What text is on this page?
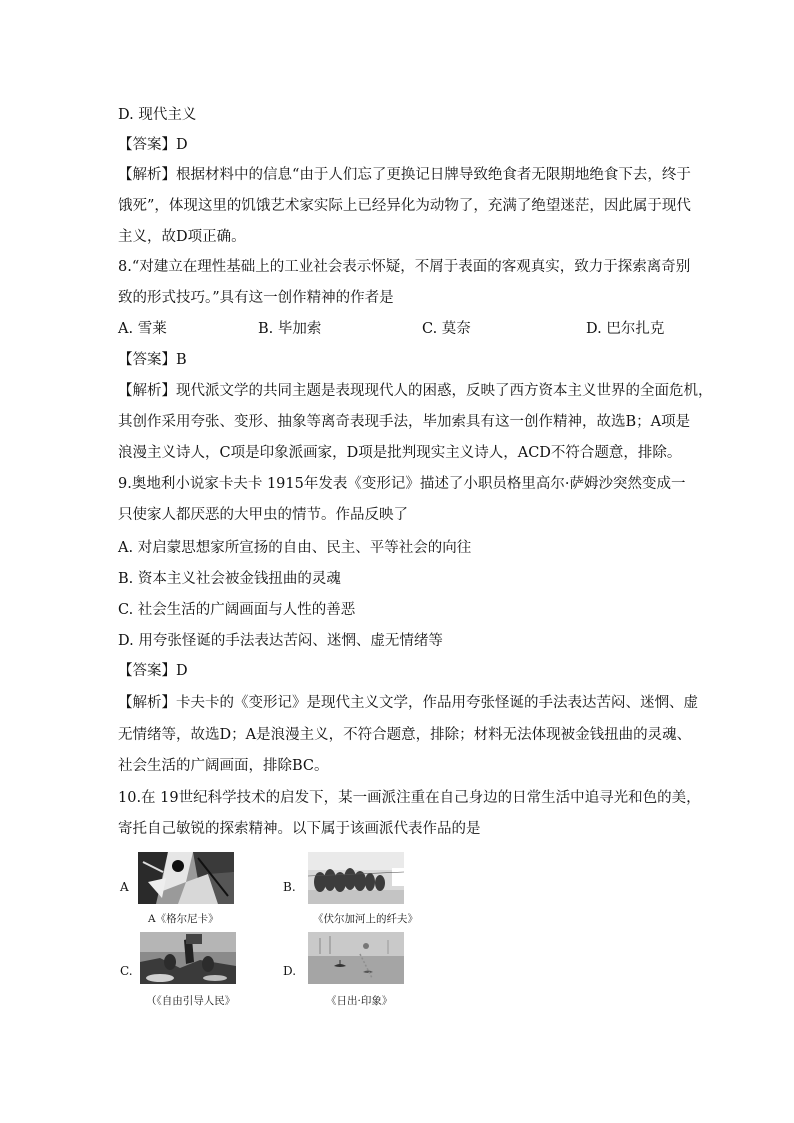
D. 现代主义
【答案】D
【解析】根据材料中的信息“由于人们忘了更换记日牌导致绝食者无限期地绝食下去，终于
饿死”，体现这里的饥饿艺术家实际上已经异化为动物了，充满了绝望迷茫，因此属于现代
主义，故D项正确。
8.“对建立在理性基础上的工业社会表示怀疑，不屑于表面的客观真实，致力于探索离奇别
致的形式技巧。”具有这一创作精神的作者是
A. 雪莱	B. 毕加索	C. 莫奈	D. 巴尔扎克
【答案】B
【解析】现代派文学的共同主题是表现现代人的困惑，反映了西方资本主义世界的全面危机，
其创作采用夸张、变形、抽象等离奇表现手法，毕加索具有这一创作精神，故选B；A项是
浪漫主义诗人，C项是印象派画家，D项是批判现实主义诗人，ACD不符合题意，排除。
9.奥地利小说家卡夫卡 1915年发表《变形记》描述了小职员格里高尔·萨姆沙突然变成一
只使家人都厌恶的大甲虫的情节。作品反映了
A. 对启蒙思想家所宣扬的自由、民主、平等社会的向往
B. 资本主义社会被金钱扭曲的灵魂
C. 社会生活的广阔画面与人性的善恶
D. 用夸张怪诞的手法表达苦闷、迷惘、虚无情绪等
【答案】D
【解析】卡夫卡的《变形记》是现代主义文学，作品用夸张怪诞的手法表达苦闷、迷惘、虚
无情绪等，故选D；A是浪漫主义，不符合题意，排除；材料无法体现被金钱扭曲的灵魂、
社会生活的广阔画面，排除BC。
10.在 19世纪科学技术的启发下，某一画派注重在自己身边的日常生活中追寻光和色的美，
寄托自己敏锐的探索精神。以下属于该画派代表作品的是
A
A《格尔尼卡》
B.
《伏尔加河上的纤夫》
C.
（《自由引导人民》
D.
《日出·印象》
